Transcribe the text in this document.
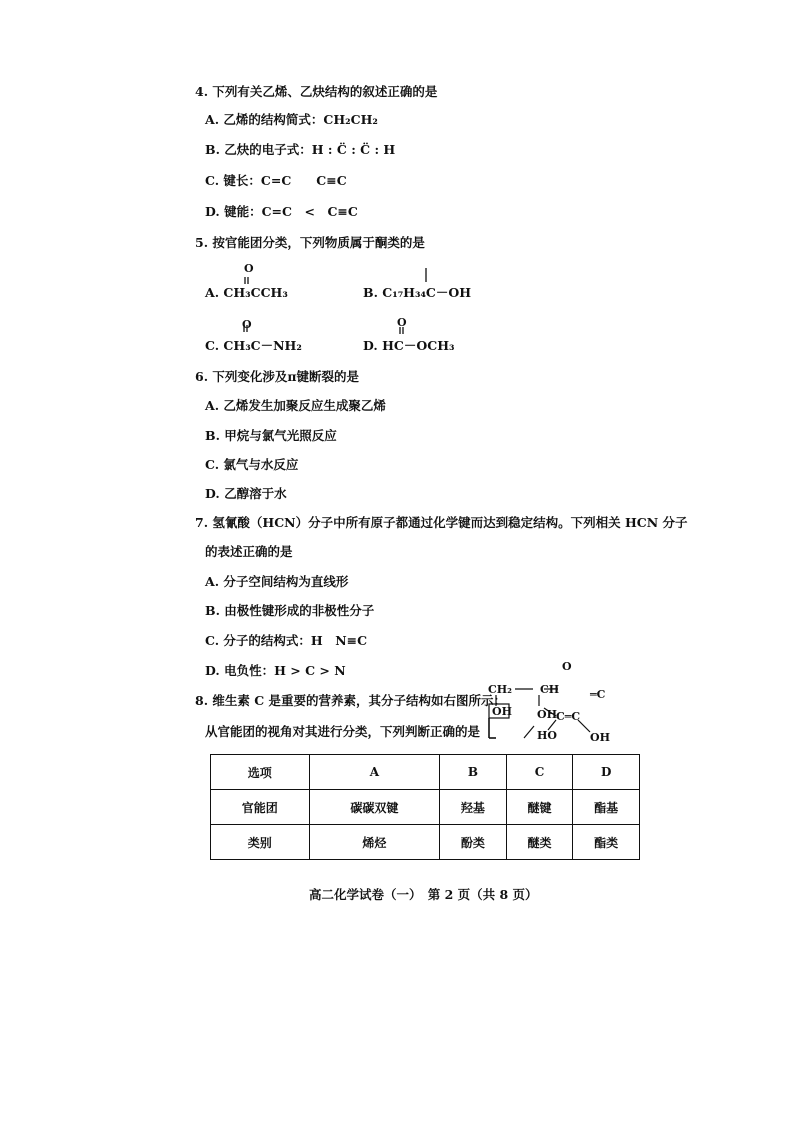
4. 下列有关乙烯、乙炔结构的叙述正确的是
A. 乙烯的结构简式：CH₂CH₂
B. 乙炔的电子式：H : C̈ : C̈ : H
C. 键长：C=C　　C≡C
D. 键能：C=C　<　C≡C
5. 按官能团分类，下列物质属于酮类的是
O
A. CH₃CCH₃	B. C₁₇H₃₄C－OH
O
C. CH₃C－NH₂
O
D. HC－OCH₃
6. 下列变化涉及π键断裂的是
A. 乙烯发生加聚反应生成聚乙烯
B. 甲烷与氯气光照反应
C. 氯气与水反应
D. 乙醇溶于水
7. 氢氰酸（HCN）分子中所有原子都通过化学键而达到稳定结构。下列相关 HCN 分子
的表述正确的是
A. 分子空间结构为直线形
B. 由极性键形成的非极性分子
C. 分子的结构式：H　N≡C
D. 电负性：H > C > N
8. 维生素 C 是重要的营养素，其分子结构如右图所示：
从官能团的视角对其进行分类，下列判断正确的是
O
CH₂	CH	═C
OH OH C═C
HO	OH
选项	A	B	C	D
官能团	碳碳双键	羟基	醚键	酯基
类别	烯烃	酚类	醚类	酯类
高二化学试卷（一）　第 2 页（共 8 页）
